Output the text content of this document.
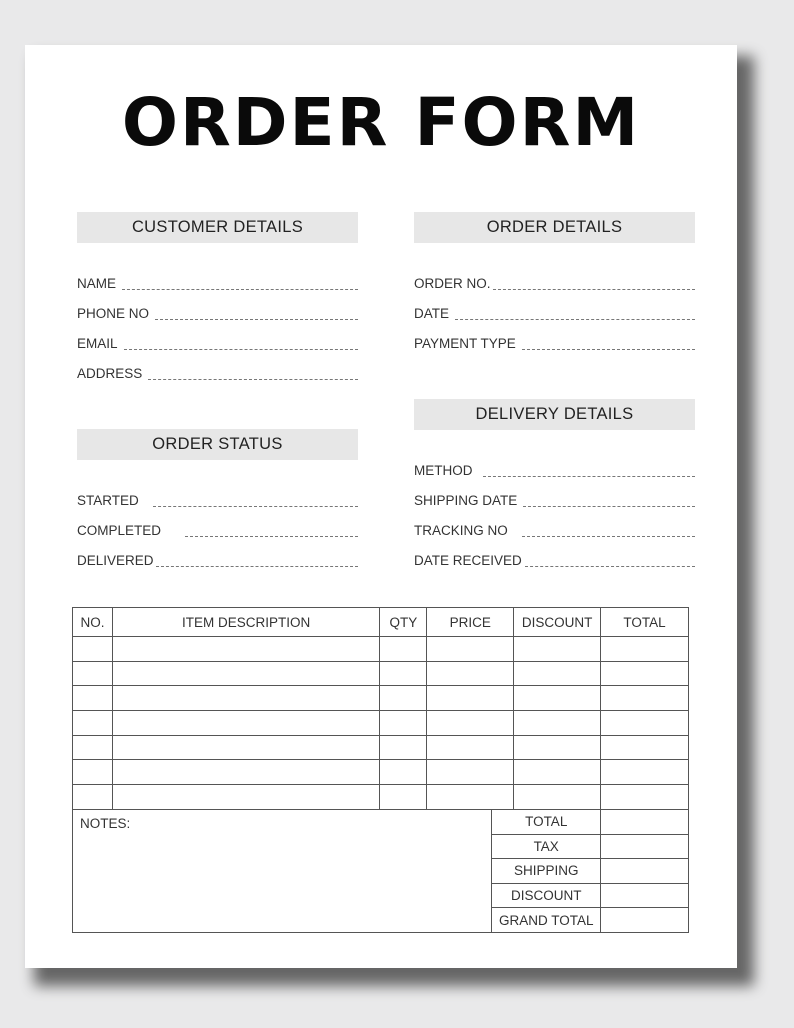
ORDER FORM
CUSTOMER DETAILS
NAME
PHONE NO
EMAIL
ADDRESS
ORDER DETAILS
ORDER NO.
DATE
PAYMENT TYPE
ORDER STATUS
STARTED
COMPLETED
DELIVERED
DELIVERY DETAILS
METHOD
SHIPPING DATE
TRACKING NO
DATE RECEIVED
NO.	ITEM DESCRIPTION	QTY	PRICE	DISCOUNT	TOTAL

NOTES:	TOTAL	
	TAX	
	SHIPPING	
	DISCOUNT	
	GRAND TOTAL	
